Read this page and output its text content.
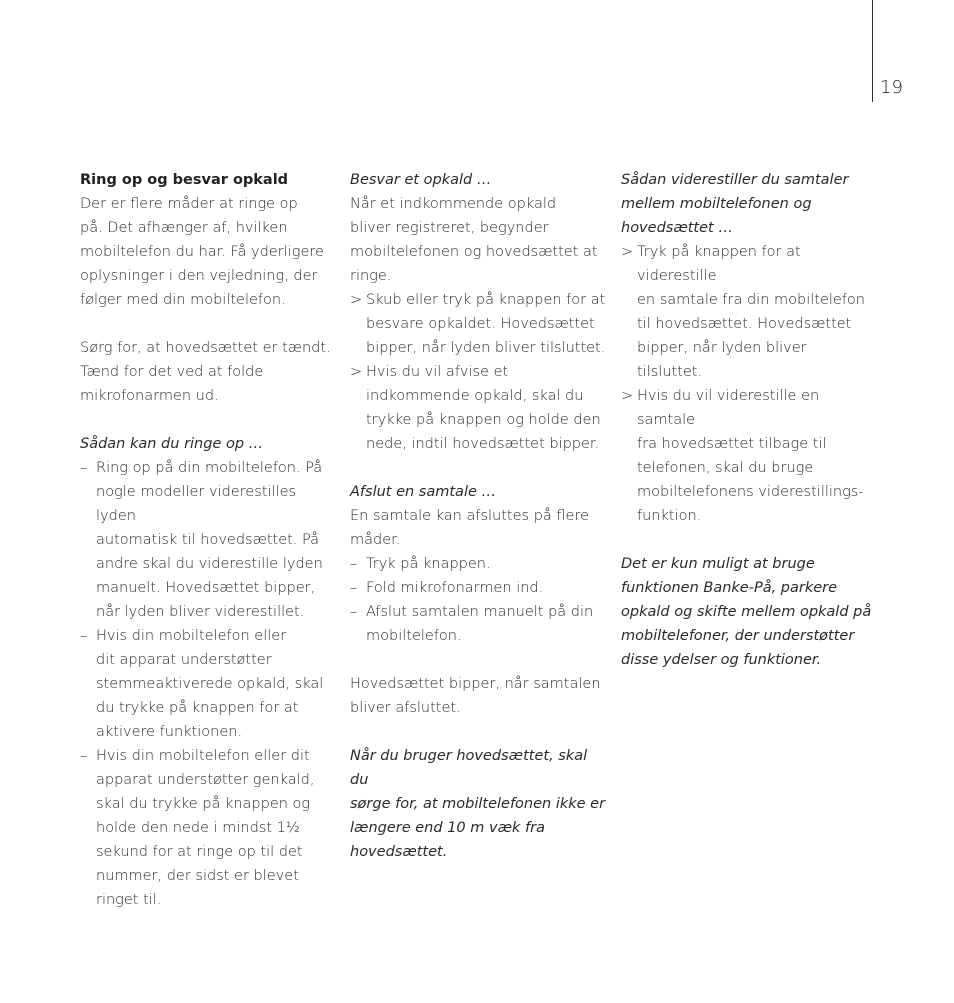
19

Ring op og besvar opkald

Der er flere måder at ringe op
på. Det afhænger af, hvilken
mobiltelefon du har. Få yderligere
oplysninger i den vejledning, der
følger med din mobiltelefon.
Sørg for, at hovedsættet er tændt.
Tænd for det ved at folde
mikrofonarmen ud.

Sådan kan du ringe op …

– Ring op på din mobiltelefon. På
nogle modeller viderestilles lyden
automatisk til hovedsættet. På
andre skal du viderestille lyden
manuelt. Hovedsættet bipper,
når lyden bliver viderestillet.
– Hvis din mobiltelefon eller
dit apparat understøtter
stemmeaktiverede opkald, skal
du trykke på knappen for at
aktivere funktionen.
– Hvis din mobiltelefon eller dit
apparat understøtter genkald,
skal du trykke på knappen og
holde den nede i mindst 1½
sekund for at ringe op til det
nummer, der sidst er blevet
ringet til.

Besvar et opkald …

Når et indkommende opkald
bliver registreret, begynder
mobiltelefonen og hovedsættet at
ringe.
> Skub eller tryk på knappen for at
besvare opkaldet. Hovedsættet
bipper, når lyden bliver tilsluttet.
> Hvis du vil afvise et
indkommende opkald, skal du
trykke på knappen og holde den
nede, indtil hovedsættet bipper.

Afslut en samtale …

En samtale kan afsluttes på flere
måder.
– Tryk på knappen.
– Fold mikrofonarmen ind.
– Afslut samtalen manuelt på din
mobiltelefon.
Hovedsættet bipper, når samtalen
bliver afsluttet.
Når du bruger hovedsættet, skal du
sørge for, at mobiltelefonen ikke er
længere end 10 m væk fra
hovedsættet.
Sådan viderestiller du samtaler
mellem mobiltelefonen og
hovedsættet …
> Tryk på knappen for at viderestille
en samtale fra din mobiltelefon
til hovedsættet. Hovedsættet
bipper, når lyden bliver tilsluttet.
> Hvis du vil viderestille en samtale
fra hovedsættet tilbage til
telefonen, skal du bruge
mobiltelefonens viderestillings-
funktion.
Det er kun muligt at bruge
funktionen Banke-På, parkere
opkald og skifte mellem opkald på
mobiltelefoner, der understøtter
disse ydelser og funktioner.
